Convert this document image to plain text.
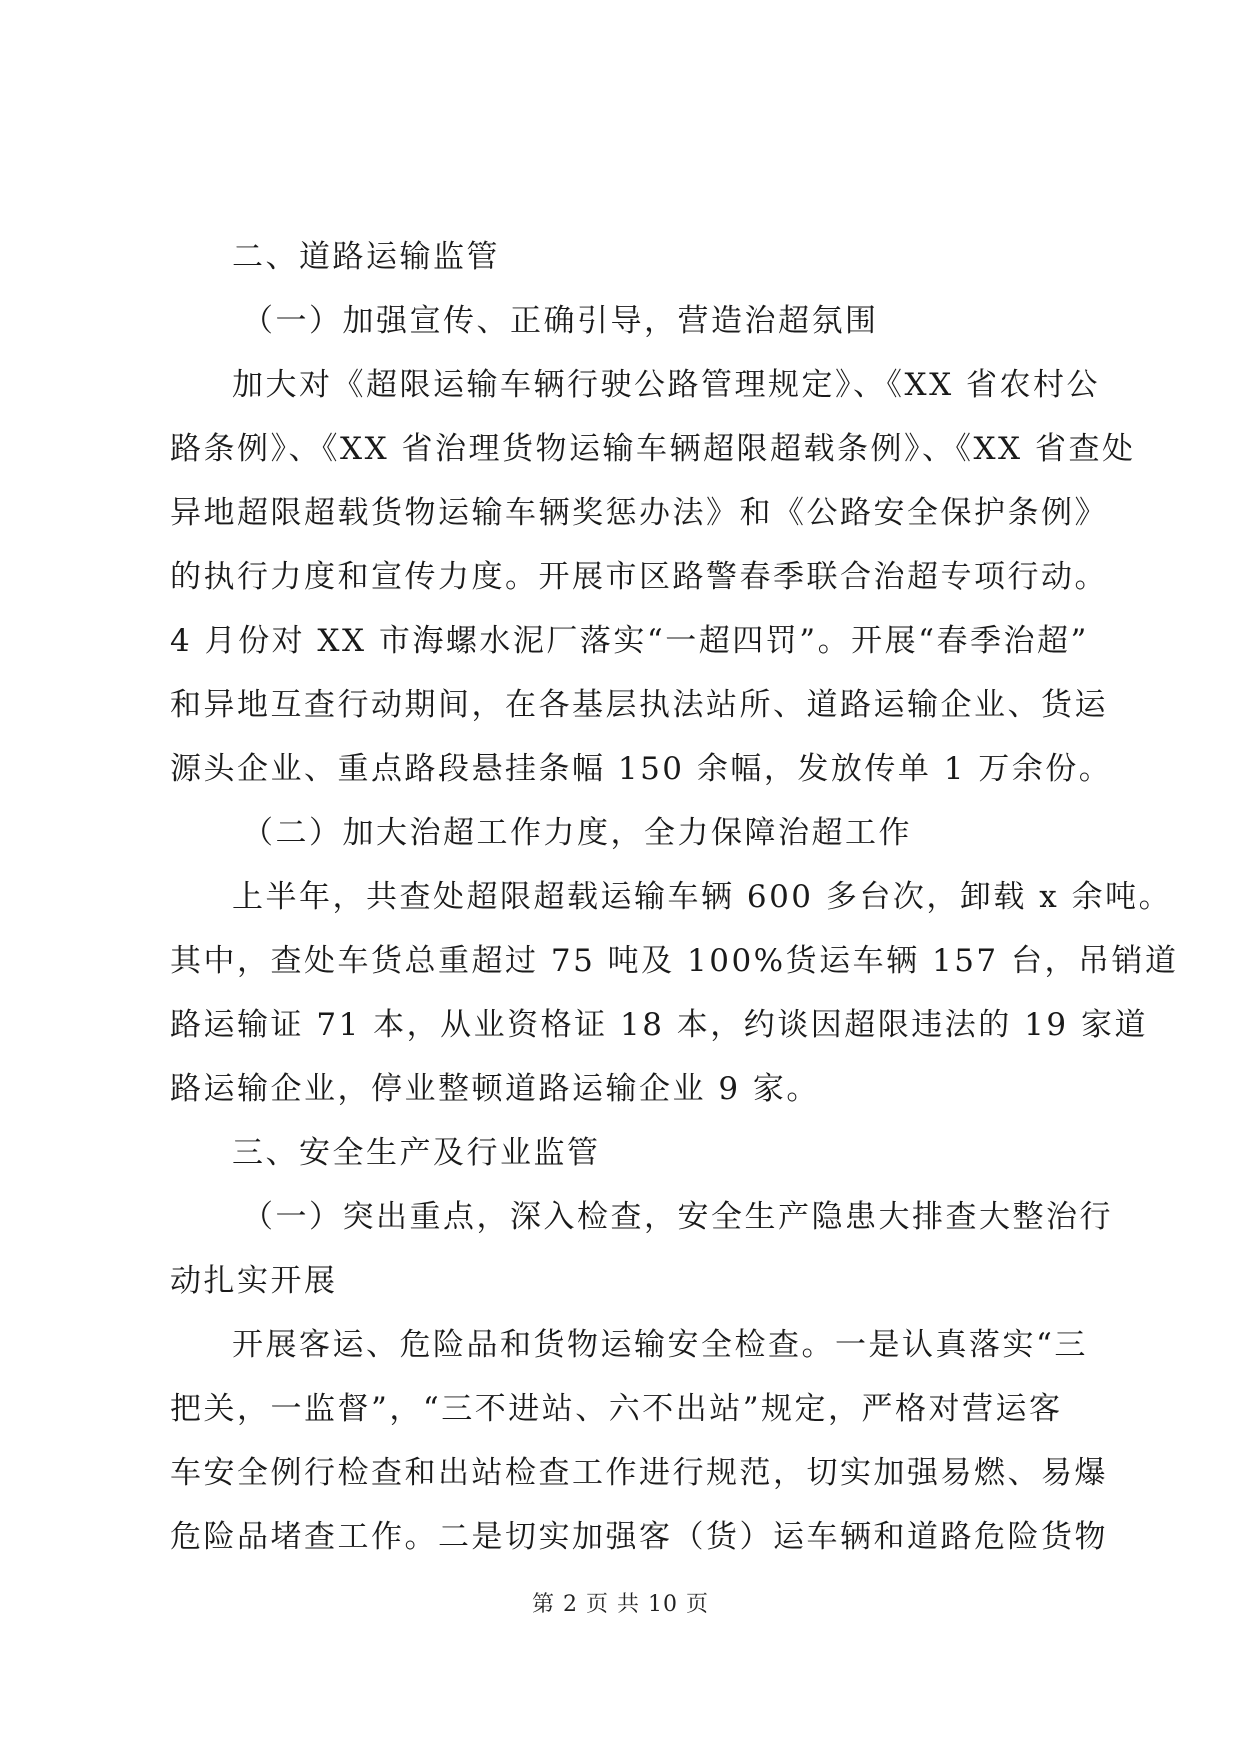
二、道路运输监管
（一）加强宣传、正确引导，营造治超氛围
加大对《超限运输车辆行驶公路管理规定》、《XX 省农村公
路条例》、《XX 省治理货物运输车辆超限超载条例》、《XX 省查处
异地超限超载货物运输车辆奖惩办法》和《公路安全保护条例》
的执行力度和宣传力度。开展市区路警春季联合治超专项行动。
4 月份对 XX 市海螺水泥厂落实“一超四罚”。开展“春季治超”
和异地互查行动期间，在各基层执法站所、道路运输企业、货运
源头企业、重点路段悬挂条幅 150 余幅，发放传单 1 万余份。
（二）加大治超工作力度，全力保障治超工作
上半年，共查处超限超载运输车辆 600 多台次，卸载 x 余吨。
其中，查处车货总重超过 75 吨及 100%货运车辆 157 台，吊销道
路运输证 71 本，从业资格证 18 本，约谈因超限违法的 19 家道
路运输企业，停业整顿道路运输企业 9 家。
三、安全生产及行业监管
（一）突出重点，深入检查，安全生产隐患大排查大整治行
动扎实开展
开展客运、危险品和货物运输安全检查。一是认真落实“三
把关，一监督”，“三不进站、六不出站”规定，严格对营运客
车安全例行检查和出站检查工作进行规范，切实加强易燃、易爆
危险品堵查工作。二是切实加强客（货）运车辆和道路危险货物
第 2 页 共 10 页
